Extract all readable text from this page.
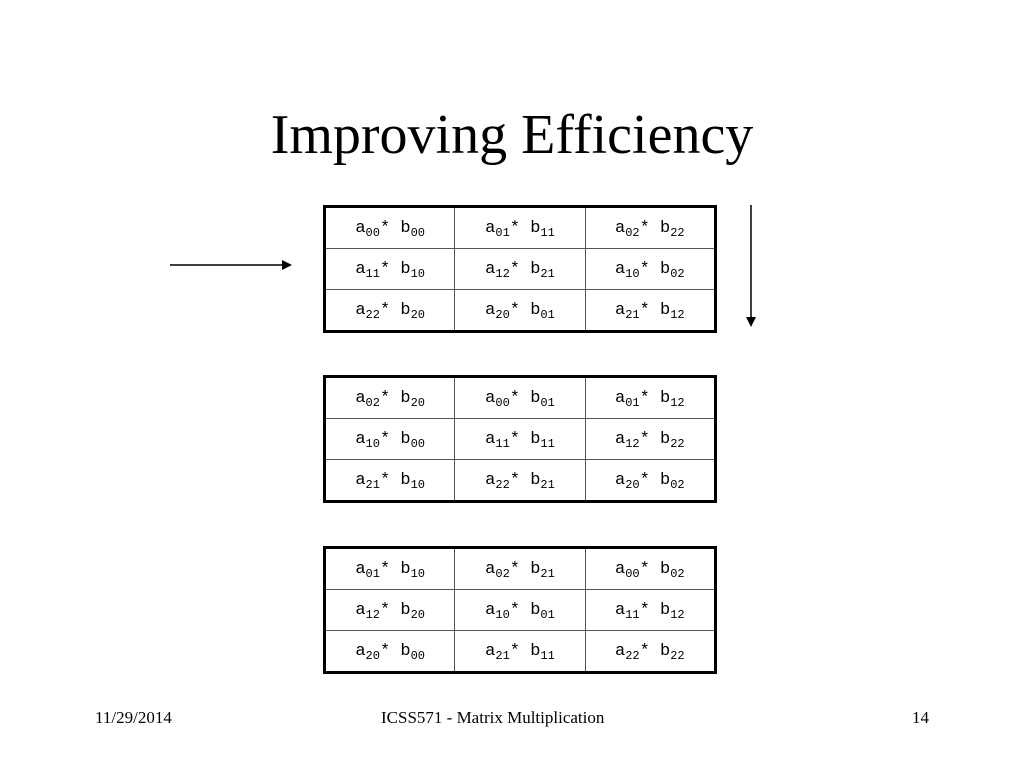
Improving Efficiency
$a_{00}*$ $b_{00}$	$a_{01}*$ $b_{11}$	$a_{02}*$ $b_{22}$
$a_{11}*$ $b_{10}$	$a_{12}*$ $b_{21}$	$a_{10}*$ $b_{02}$
$a_{22}*$ $b_{20}$	$a_{20}*$ $b_{01}$	$a_{21}*$ $b_{12}$
$a_{02}*$ $b_{20}$	$a_{00}*$ $b_{01}$	$a_{01}*$ $b_{12}$
$a_{10}*$ $b_{00}$	$a_{11}*$ $b_{11}$	$a_{12}*$ $b_{22}$
$a_{21}*$ $b_{10}$	$a_{22}*$ $b_{21}$	$a_{20}*$ $b_{02}$
$a_{01}*$ $b_{10}$	$a_{02}*$ $b_{21}$	$a_{00}*$ $b_{02}$
$a_{12}*$ $b_{20}$	$a_{10}*$ $b_{01}$	$a_{11}*$ $b_{12}$
$a_{20}*$ $b_{00}$	$a_{21}*$ $b_{11}$	$a_{22}*$ $b_{22}$
11/29/2014	ICSS571 - Matrix Multiplication	14
